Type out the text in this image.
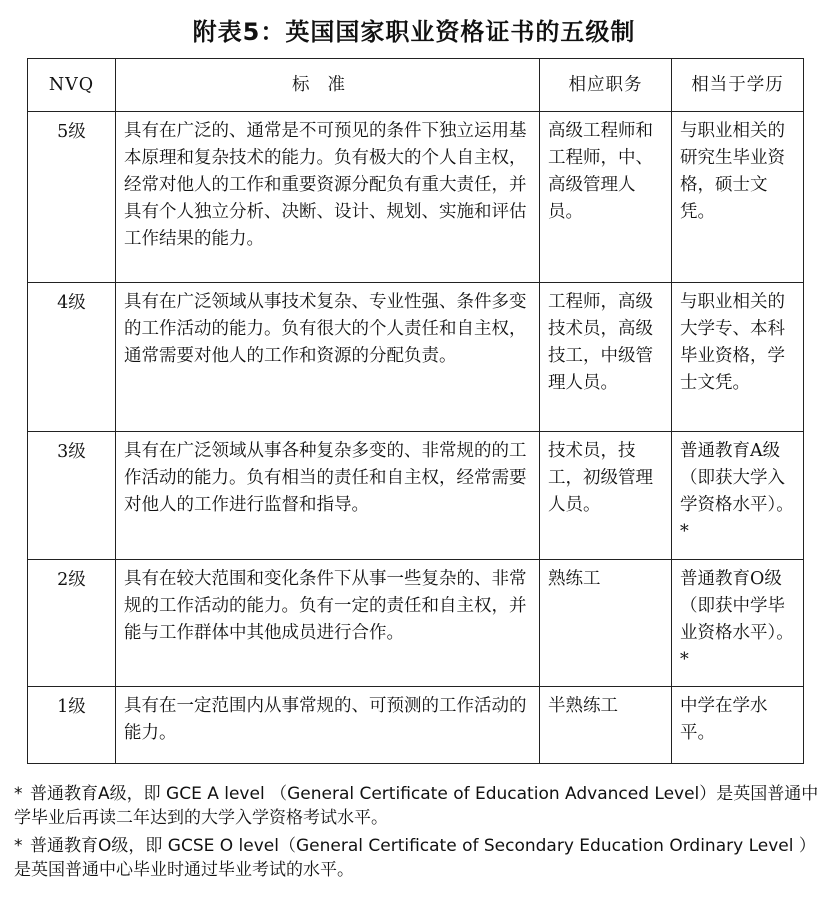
附表5：英国国家职业资格证书的五级制
NVQ	标准	相应职务	相当于学历
5级	具有在广泛的、通常是不可预见的条件下独立运用基本原理和复杂技术的能力。负有极大的个人自主权，经常对他人的工作和重要资源分配负有重大责任，并具有个人独立分析、决断、设计、规划、实施和评估工作结果的能力。	高级工程师和工程师，中、高级管理人员。	与职业相关的研究生毕业资格，硕士文凭。
4级	具有在广泛领域从事技术复杂、专业性强、条件多变的工作活动的能力。负有很大的个人责任和自主权，通常需要对他人的工作和资源的分配负责。	工程师，高级技术员，高级技工，中级管理人员。	与职业相关的大学专、本科毕业资格，学士文凭。
3级	具有在广泛领域从事各种复杂多变的、非常规的的工作活动的能力。负有相当的责任和自主权，经常需要对他人的工作进行监督和指导。	技术员，技工，初级管理人员。	普通教育A级（即获大学入学资格水平）。*
2级	具有在较大范围和变化条件下从事一些复杂的、非常规的工作活动的能力。负有一定的责任和自主权，并能与工作群体中其他成员进行合作。	熟练工	普通教育O级（即获中学毕业资格水平）。*
1级	具有在一定范围内从事常规的、可预测的工作活动的能力。	半熟练工	中学在学水平。
* 普通教育A级，即 GCE A level （General Certificate of Education Advanced Level）是英国普通中学毕业后再读二年达到的大学入学资格考试水平。
* 普通教育O级，即 GCSE O level（General Certificate of Secondary Education Ordinary Level ）是英国普通中心毕业时通过毕业考试的水平。
